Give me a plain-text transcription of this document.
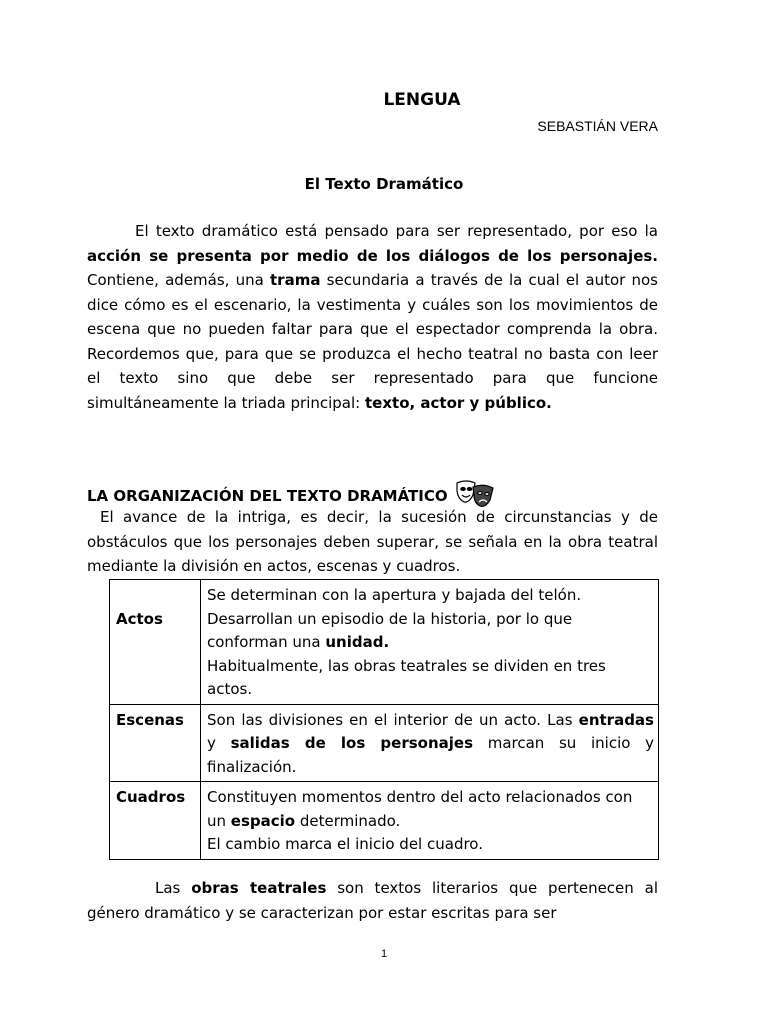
LENGUA
SEBASTIÁN VERA
El Texto Dramático
El texto dramático está pensado para ser representado, por eso la acción se presenta por medio de los diálogos de los personajes. Contiene, además, una trama secundaria a través de la cual el autor nos dice cómo es el escenario, la vestimenta y cuáles son los movimientos de escena que no pueden faltar para que el espectador comprenda la obra. Recordemos que, para que se produzca el hecho teatral no basta con leer el texto sino que debe ser representado para que funcione simultáneamente la triada principal: texto, actor y público.
LA ORGANIZACIÓN DEL TEXTO DRAMÁTICO
El avance de la intriga, es decir, la sucesión de circunstancias y de obstáculos que los personajes deben superar, se señala en la obra teatral mediante la división en actos, escenas y cuadros.
Actos	Se determinan con la apertura y bajada del telón.
Desarrollan un episodio de la historia, por lo que conforman una unidad.
Habitualmente, las obras teatrales se dividen en tres actos.

Escenas	Son las divisiones en el interior de un acto. Las entradas y salidas de los personajes marcan su inicio y finalización.
Cuadros	Constituyen momentos dentro del acto relacionados con un espacio determinado.
El cambio marca el inicio del cuadro.
Las obras teatrales son textos literarios que pertenecen al género dramático y se caracterizan por estar escritas para ser
1
